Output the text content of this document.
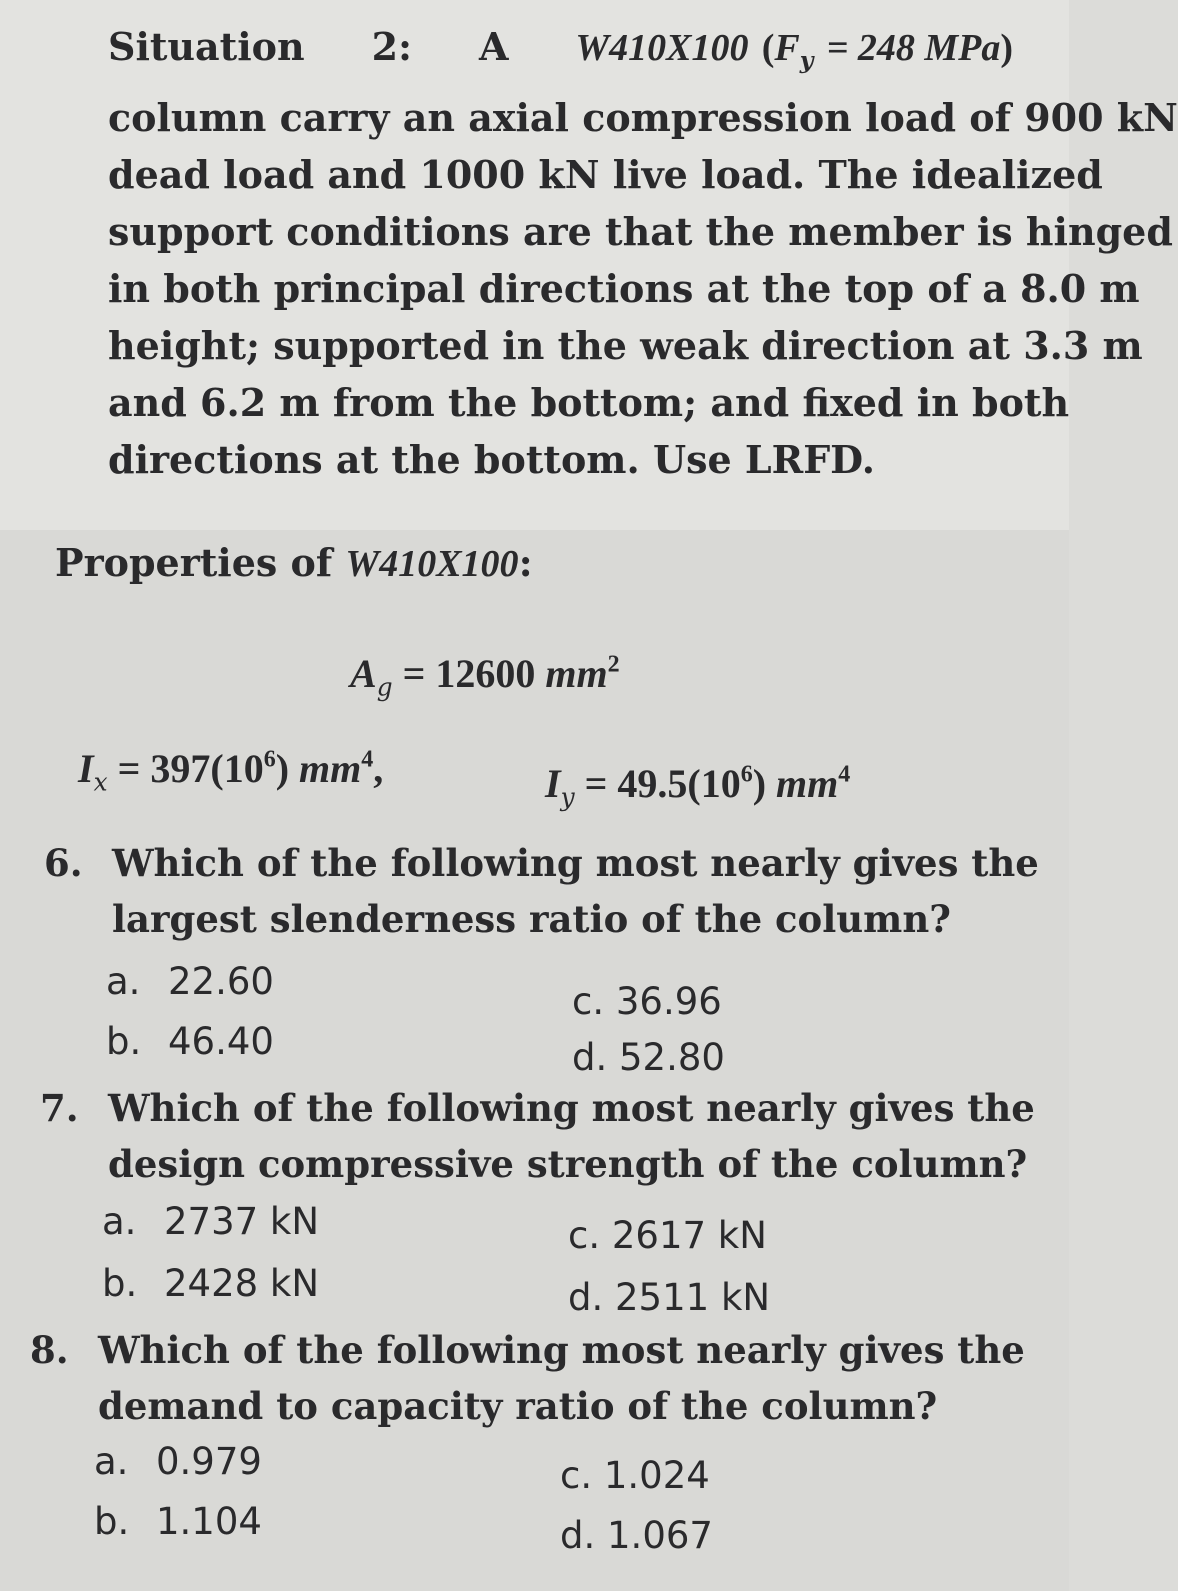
Situation 2: A W410X100 ($F_y = 248$ MPa)
column carry an axial compression load of 900 kN
dead load and 1000 kN live load. The idealized
support conditions are that the member is hinged
in both principal directions at the top of a 8.0 m
height; supported in the weak direction at 3.3 m
and 6.2 m from the bottom; and fixed in both
directions at the bottom. Use LRFD.
Properties of W410X100:
$A_g = 12600$ $mm^2$
$I_x = 397(10^6)$ $mm^4$,	$I_y = 49.5(10^6)$ $mm^4$
6. Which of the following most nearly gives the
largest slenderness ratio of the column?
a. 22.60
b. 46.40
c. 36.96
d. 52.80
7. Which of the following most nearly gives the
design compressive strength of the column?
a. 2737 kN
b. 2428 kN
c. 2617 kN
d. 2511 kN
8. Which of the following most nearly gives the
demand to capacity ratio of the column?
a. 0.979
b. 1.104
c. 1.024
d. 1.067
